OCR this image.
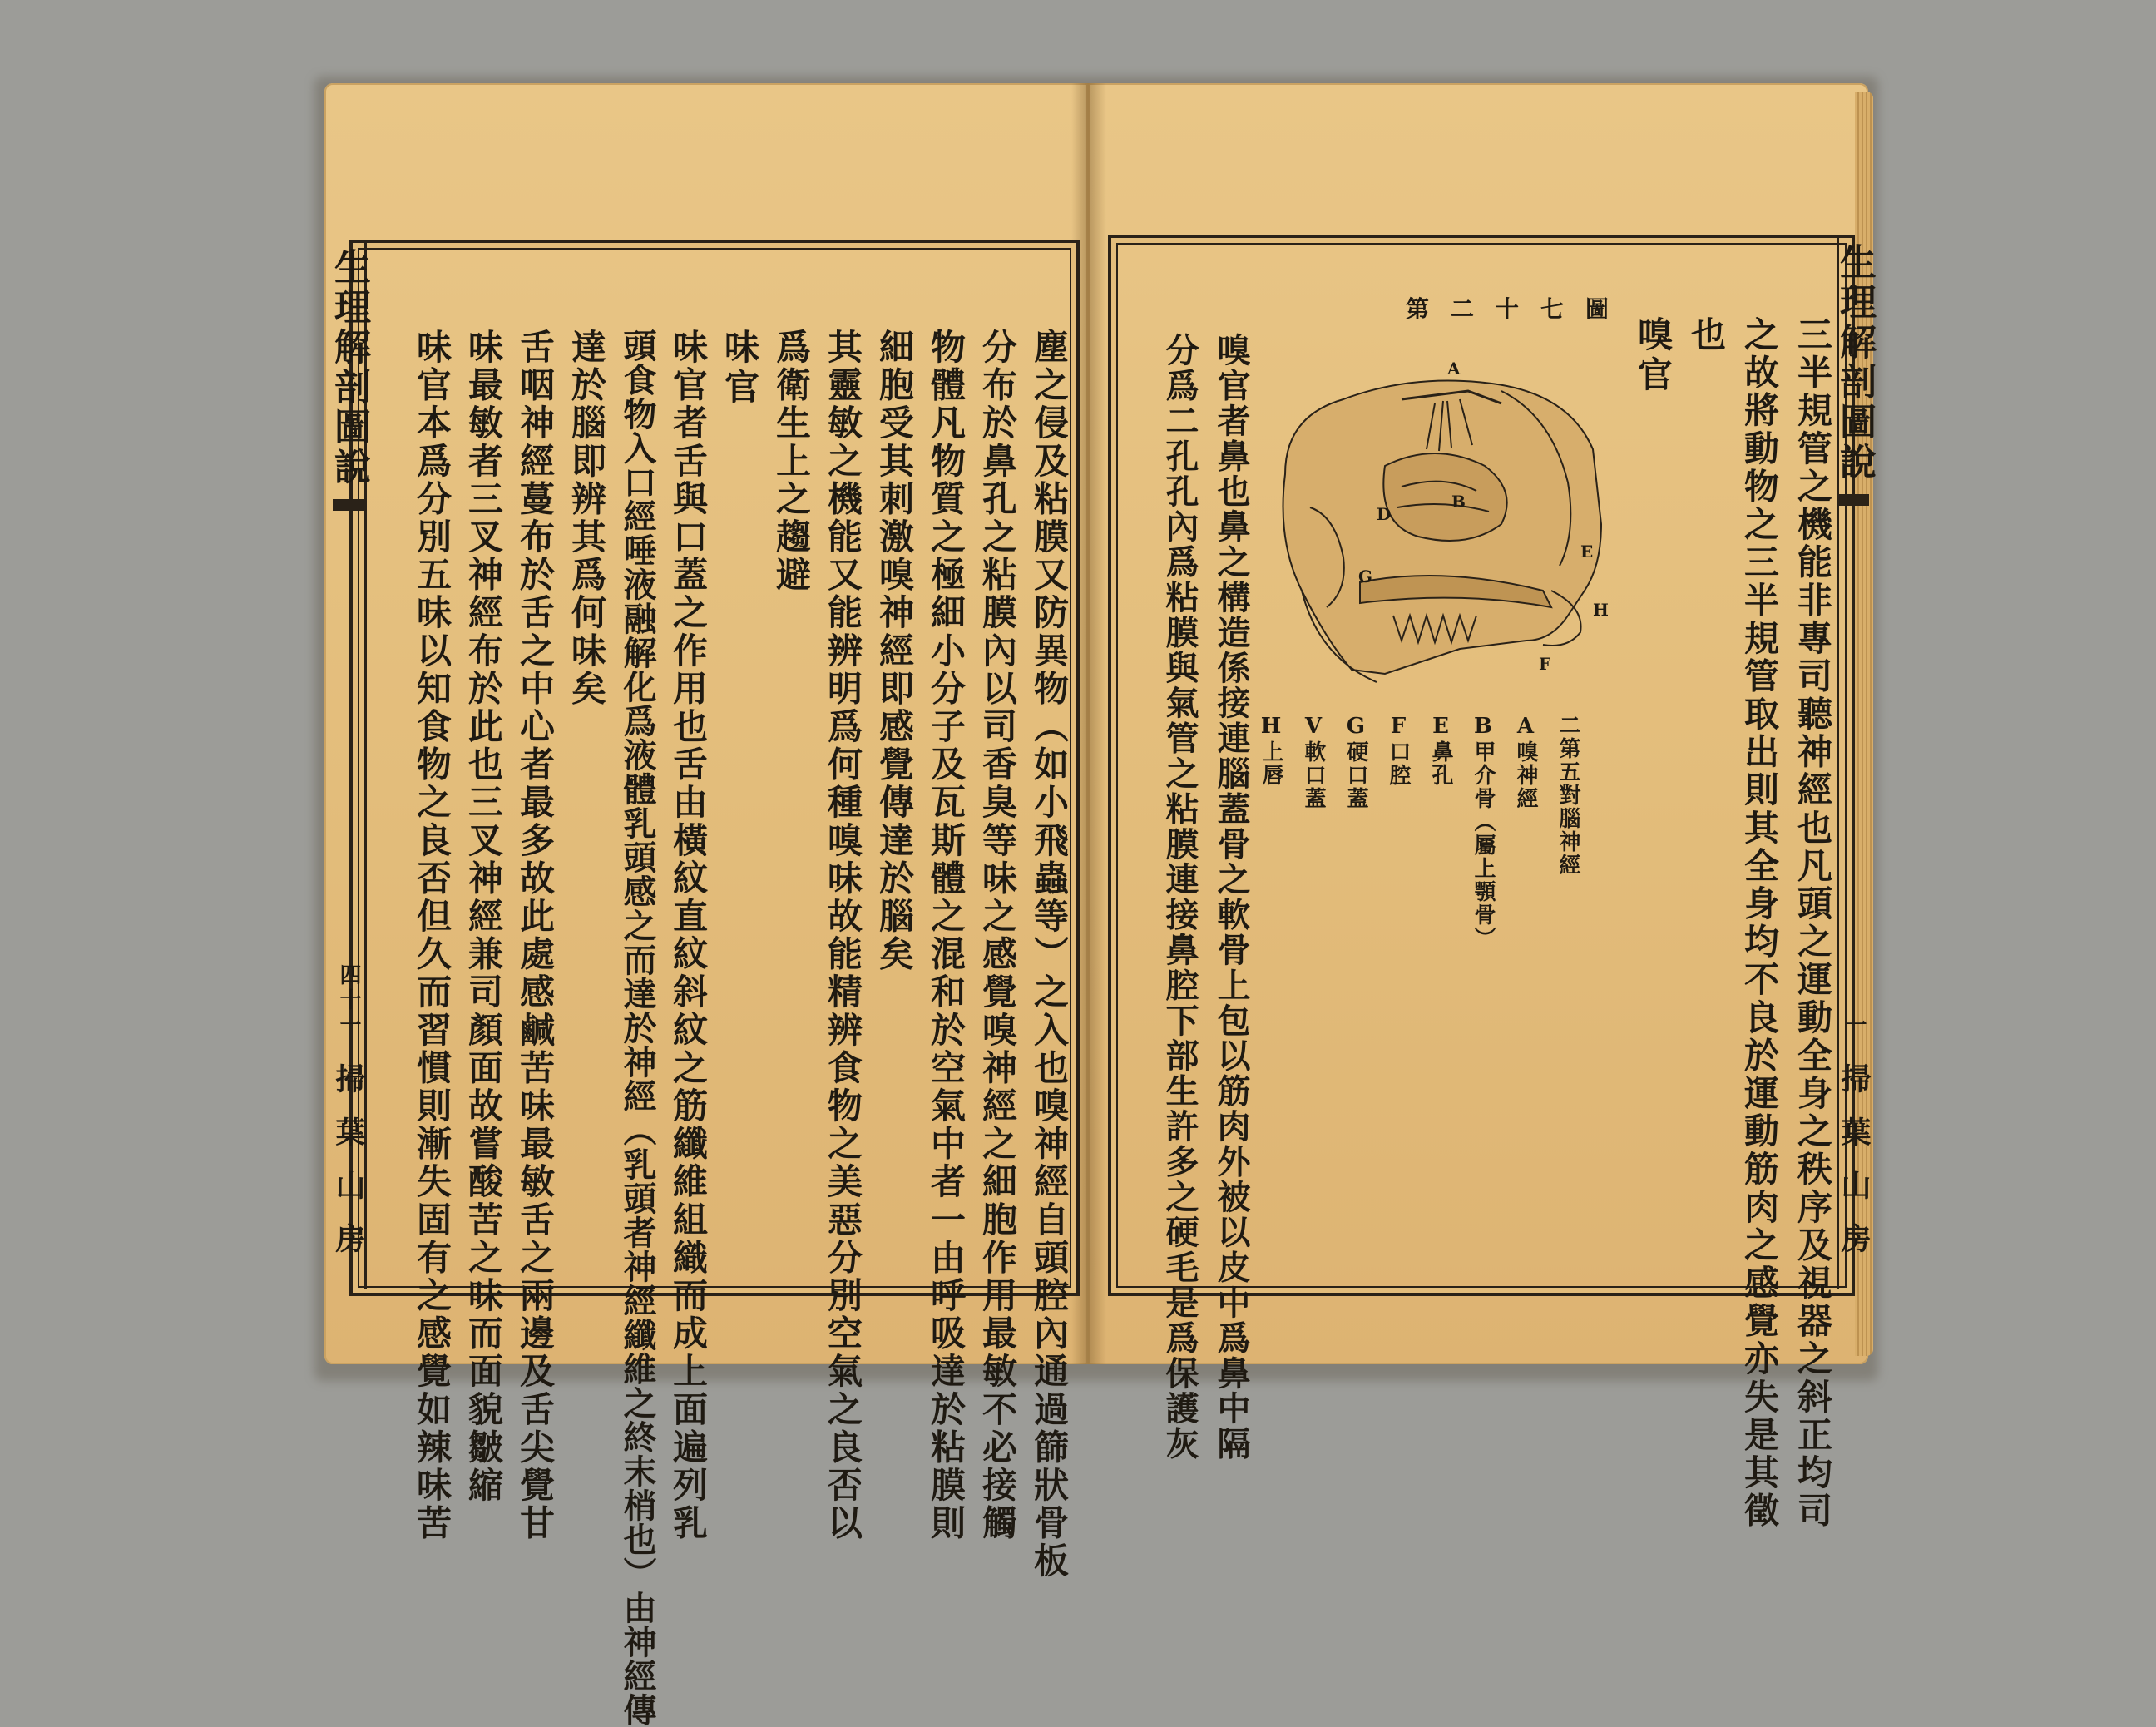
生理解剖圖說
四十一
掃葉山房
生理解剖圖說
一
掃葉山房
塵之侵及粘膜又防異物（如小飛蟲等）之入也嗅神經自頭腔內通過篩狀骨板
分布於鼻孔之粘膜內以司香臭等味之感覺嗅神經之細胞作用最敏不必接觸
物體凡物質之極細小分子及瓦斯體之混和於空氣中者一由呼吸達於粘膜則
細胞受其刺激嗅神經即感覺傳達於腦矣
其靈敏之機能又能辨明爲何種嗅味故能精辨食物之美惡分別空氣之良否以
爲衛生上之趨避
味官
味官者舌與口蓋之作用也舌由橫紋直紋斜紋之筋纖維組織而成上面遍列乳
頭食物入口經唾液融解化爲液體乳頭感之而達於神經（乳頭者神經纖維之終末梢也）由神經傳
達於腦即辨其爲何味矣
舌咽神經蔓布於舌之中心者最多故此處感鹹苦味最敏舌之兩邊及舌尖覺甘
味最敏者三叉神經布於此也三叉神經兼司顏面故嘗酸苦之味而面貌皺縮
味官本爲分別五味以知食物之良否但久而習慣則漸失固有之感覺如辣味苦	三半規管之機能非專司聽神經也凡頭之運動全身之秩序及視器之斜正均司
之故將動物之三半規管取出則其全身均不良於運動筋肉之感覺亦失是其徵
也
嗅官
第二十七圖
A
B
D
E
F
G
H
二第五對腦神經
A嗅神經
B甲介骨（屬上顎骨）
E鼻孔
F口腔
G硬口蓋
V軟口蓋
H上唇
嗅官者鼻也鼻之構造係接連腦蓋骨之軟骨上包以筋肉外被以皮中爲鼻中隔
分爲二孔孔內爲粘膜與氣管之粘膜連接鼻腔下部生許多之硬毛是爲保護灰
